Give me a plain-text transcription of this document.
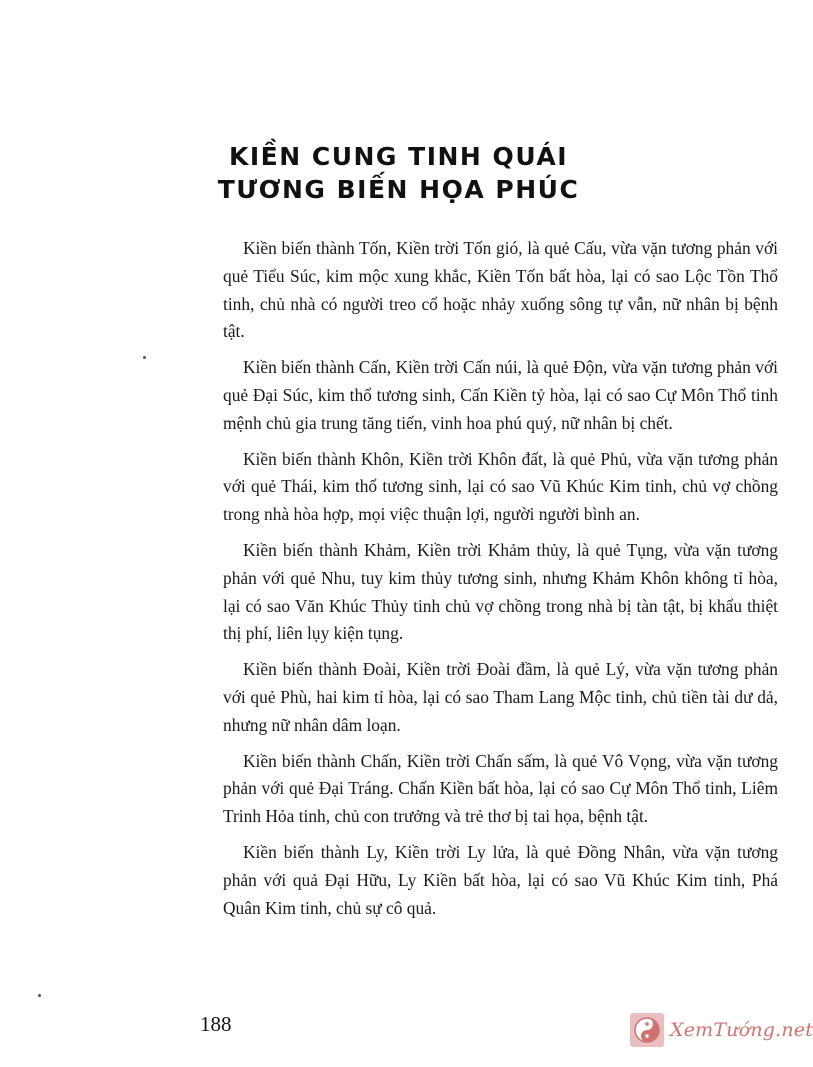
KIỀN CUNG TINH QUÁI
TƯƠNG BIẾN HỌA PHÚC

Kiền biến thành Tốn, Kiền trời Tốn gió, là quẻ Cấu, vừa vặn tương phản với quẻ Tiểu Súc, kim mộc xung khắc, Kiền Tốn bất hòa, lại có sao Lộc Tồn Thổ tinh, chủ nhà có người treo cổ hoặc nhảy xuống sông tự vẫn, nữ nhân bị bệnh tật.

Kiền biến thành Cấn, Kiền trời Cấn núi, là quẻ Độn, vừa vặn tương phản với quẻ Đại Súc, kim thổ tương sinh, Cấn Kiền tỷ hòa, lại có sao Cự Môn Thổ tinh mệnh chủ gia trung tăng tiến, vinh hoa phú quý, nữ nhân bị chết.

Kiền biến thành Khôn, Kiền trời Khôn đất, là quẻ Phủ, vừa vặn tương phản với quẻ Thái, kim thổ tương sinh, lại có sao Vũ Khúc Kim tinh, chủ vợ chồng trong nhà hòa hợp, mọi việc thuận lợi, người người bình an.

Kiền biến thành Khảm, Kiền trời Khảm thủy, là quẻ Tụng, vừa vặn tương phản với quẻ Nhu, tuy kim thủy tương sinh, nhưng Khảm Khôn không tỉ hòa, lại có sao Văn Khúc Thủy tinh chủ vợ chồng trong nhà bị tàn tật, bị khẩu thiệt thị phí, liên lụy kiện tụng.

Kiền biến thành Đoài, Kiền trời Đoài đầm, là quẻ Lý, vừa vặn tương phản với quẻ Phù, hai kim tỉ hòa, lại có sao Tham Lang Mộc tinh, chủ tiền tài dư dả, nhưng nữ nhân dâm loạn.

Kiền biến thành Chấn, Kiền trời Chấn sấm, là quẻ Vô Vọng, vừa vặn tương phản với quẻ Đại Tráng. Chấn Kiền bất hòa, lại có sao Cự Môn Thổ tinh, Liêm Trinh Hỏa tinh, chủ con trưởng và trẻ thơ bị tai họa, bệnh tật.

Kiền biến thành Ly, Kiền trời Ly lửa, là quẻ Đồng Nhân, vừa vặn tương phản với quả Đại Hữu, Ly Kiền bất hòa, lại có sao Vũ Khúc Kim tinh, Phá Quân Kim tinh, chủ sự cô quả.

188	XemTướng.net
